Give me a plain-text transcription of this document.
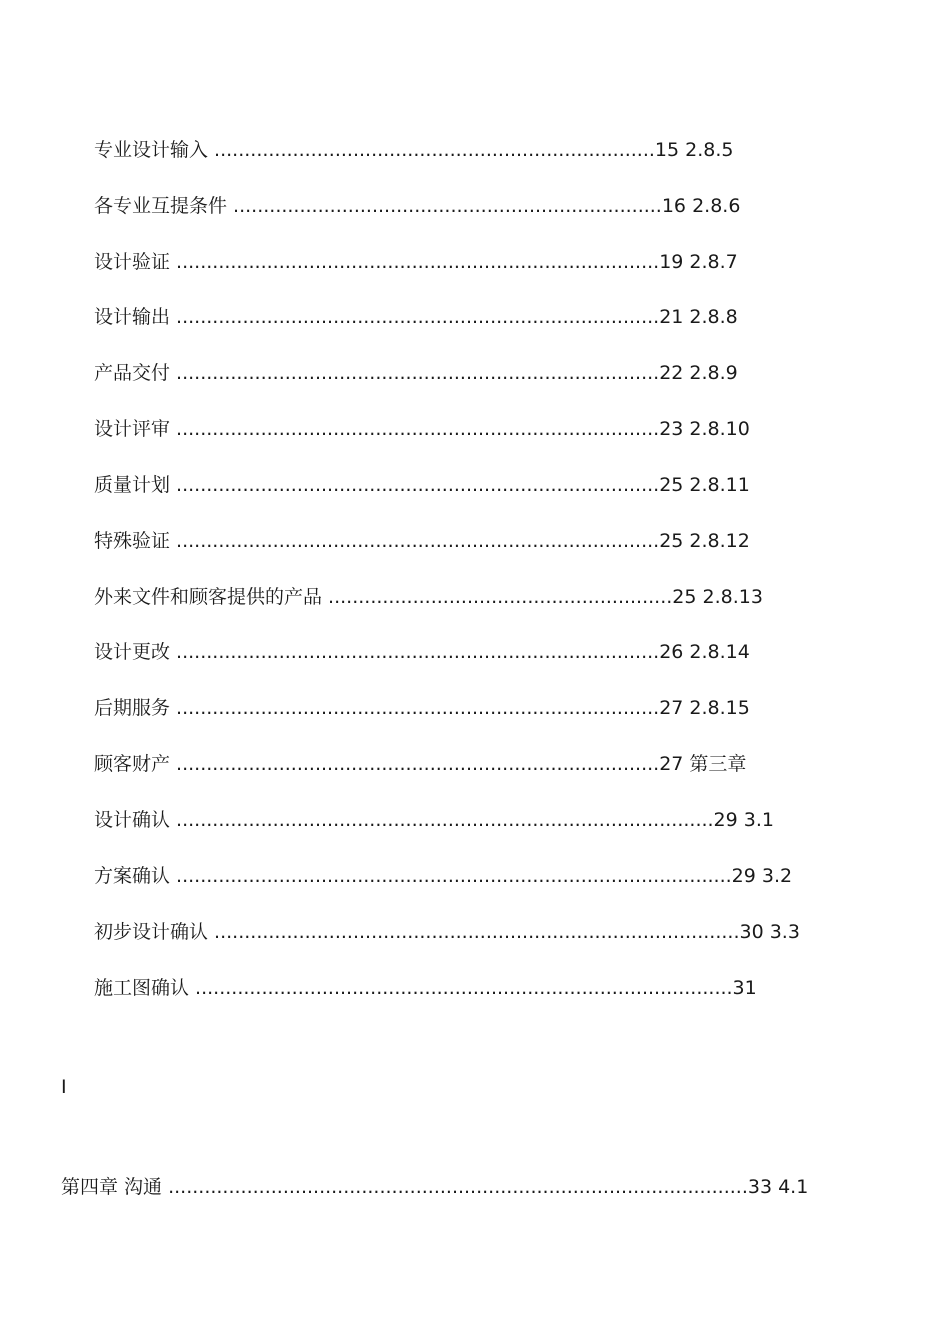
专业设计输入 .........................................................................15 2.8.5
各专业互提条件 .......................................................................16 2.8.6
设计验证 ................................................................................19 2.8.7
设计输出 ................................................................................21 2.8.8
产品交付 ................................................................................22 2.8.9
设计评审 ................................................................................23 2.8.10
质量计划 ................................................................................25 2.8.11
特殊验证 ................................................................................25 2.8.12
外来文件和顾客提供的产品 .........................................................25 2.8.13
设计更改 ................................................................................26 2.8.14
后期服务 ................................................................................27 2.8.15
顾客财产 ................................................................................27 第三章
设计确认 .........................................................................................29 3.1
方案确认 ............................................................................................29 3.2
初步设计确认 .......................................................................................30 3.3
施工图确认 .........................................................................................31
I
第四章 沟通 ................................................................................................33 4.1
